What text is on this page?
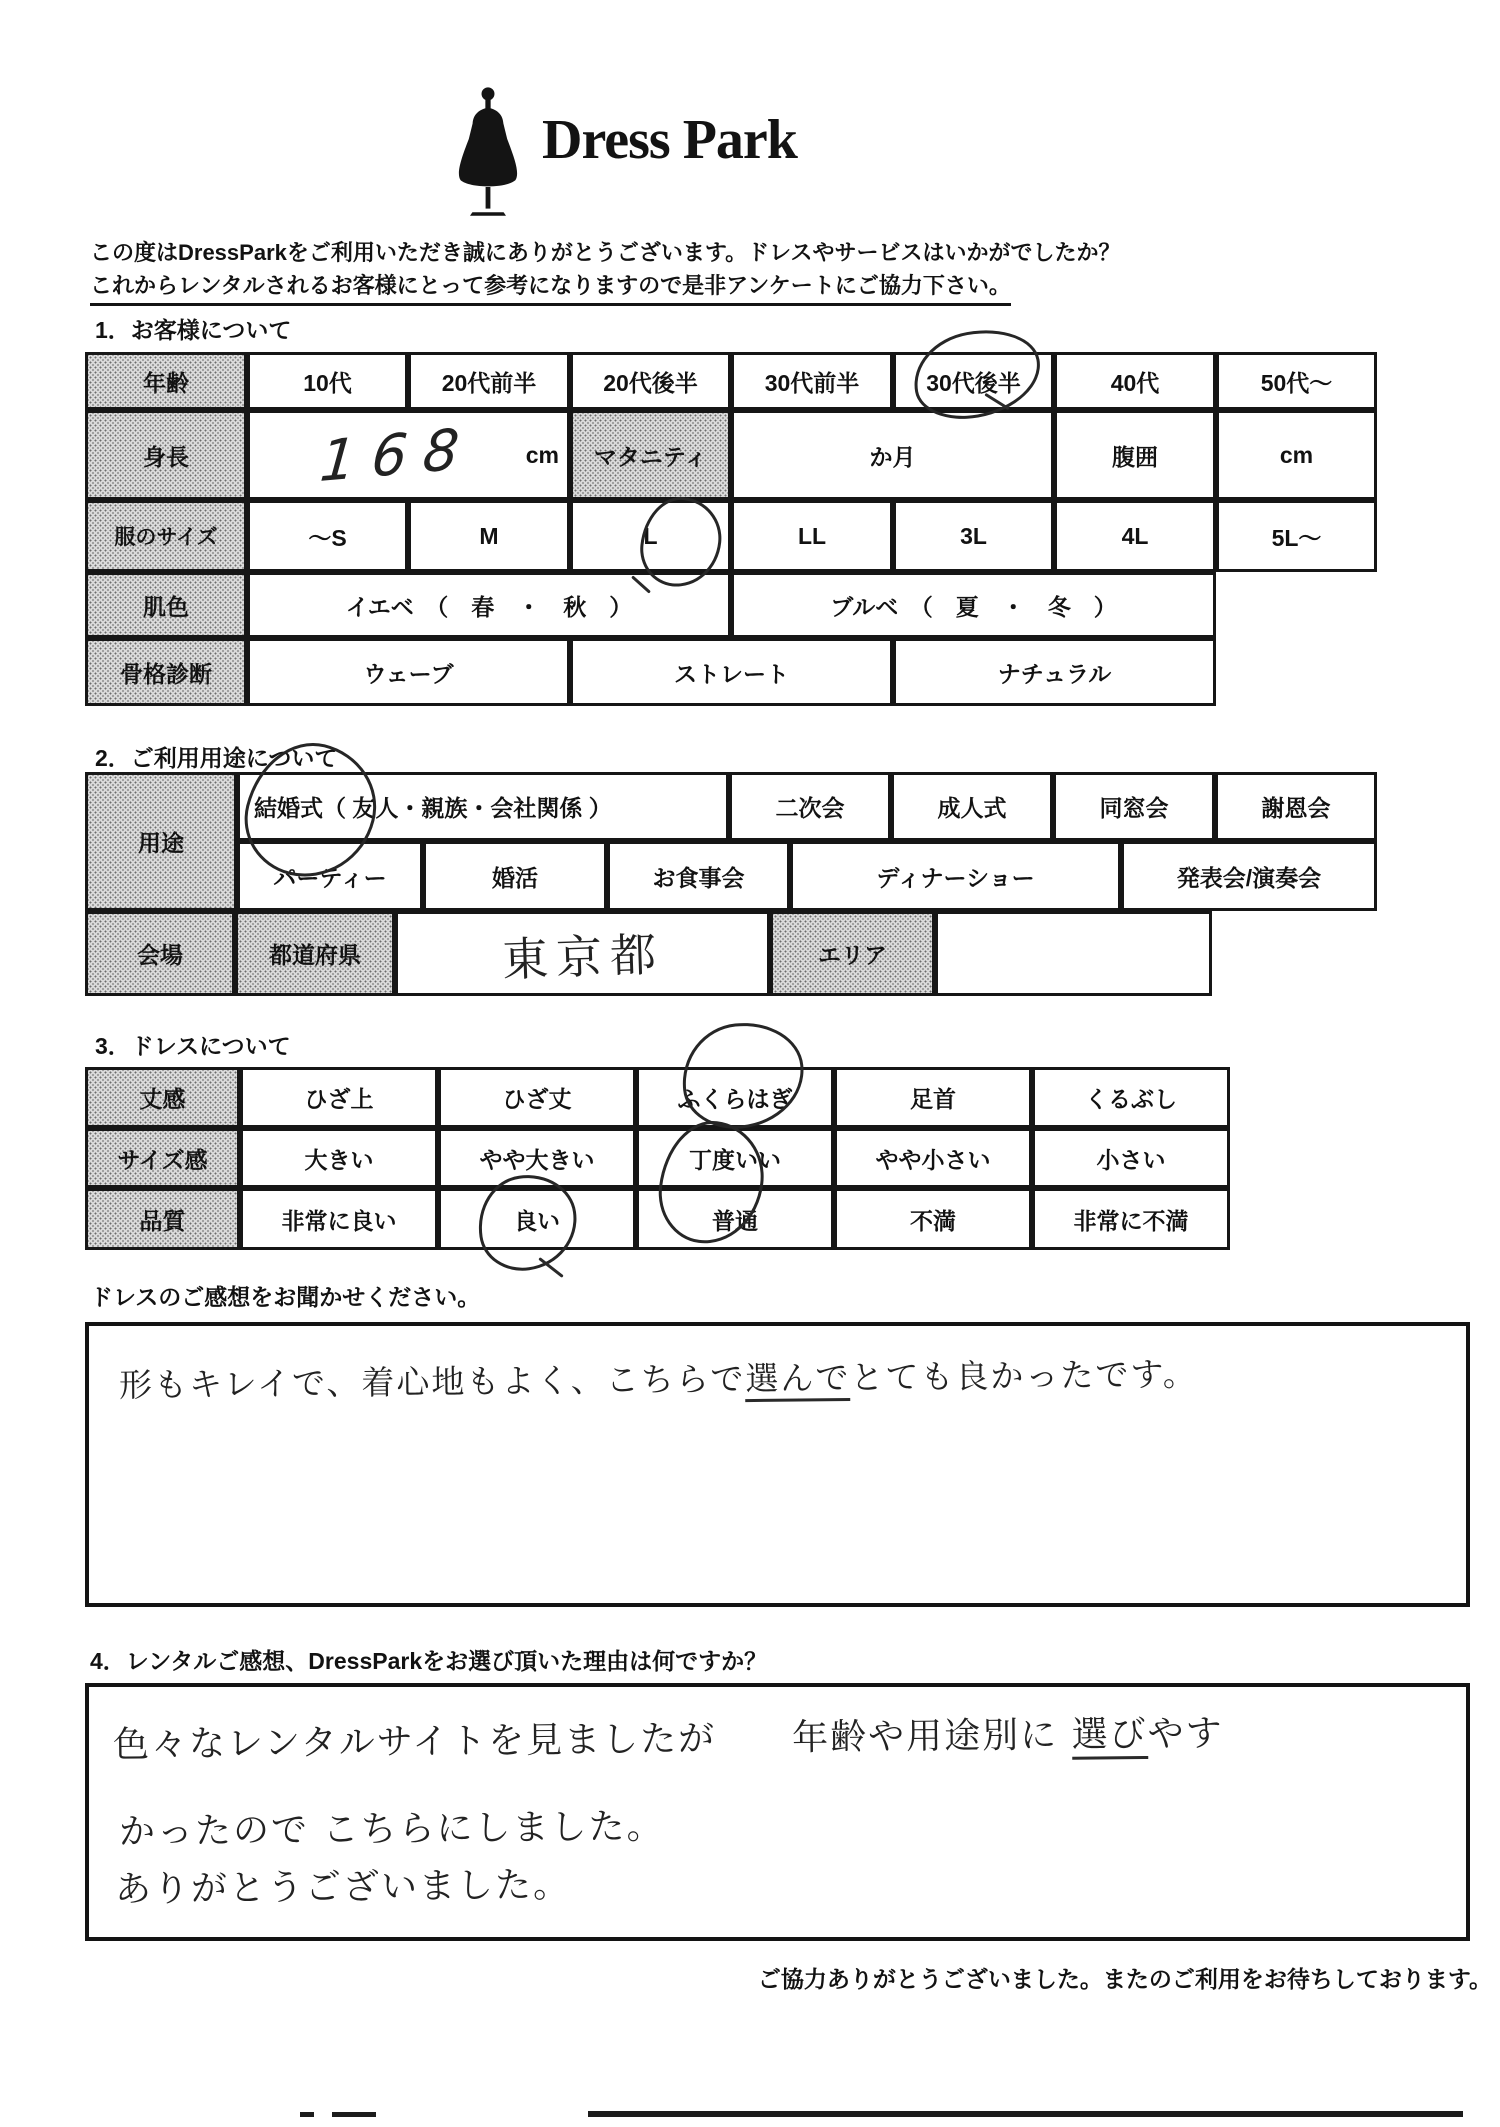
Dress Park
この度はDressParkをご利用いただき誠にありがとうございます。ドレスやサービスはいかがでしたか？
これからレンタルされるお客様にとって参考になりますので是非アンケートにご協力下さい。
1．お客様について
年齢	10代	20代前半	20代後半	30代前半	30代後半	40代	50代～
身長	168 cm	マタニティ	か月	腹囲	cm
服のサイズ	～S	M	L	LL	3L	4L	5L～
肌色	イエベ　（　春　・　秋　）	ブルベ　（　夏　・　冬　）
骨格診断	ウェーブ	ストレート	ナチュラル
2．ご利用用途について
用途
結婚式（ 友人・親族・会社関係 ）	二次会	成人式	同窓会	謝恩会
パーティー	婚活	お食事会	ディナーショー	発表会/演奏会
会場	都道府県	東京都	エリア
3．ドレスについて
丈感	ひざ上	ひざ丈	ふくらはぎ	足首	くるぶし
サイズ感	大きい	やや大きい	丁度いい	やや小さい	小さい
品質	非常に良い	良い	普通	不満	非常に不満
ドレスのご感想をお聞かせください。
形もキレイで、着心地もよく、こちらで選んでとても良かったです。
4．レンタルご感想、DressParkをお選び頂いた理由は何ですか？
色々なレンタルサイトを見ましたが　　年齢や用途別に 選びやす
かったので こちらにしました。
ありがとうございました。
ご協力ありがとうございました。またのご利用をお待ちしております。
